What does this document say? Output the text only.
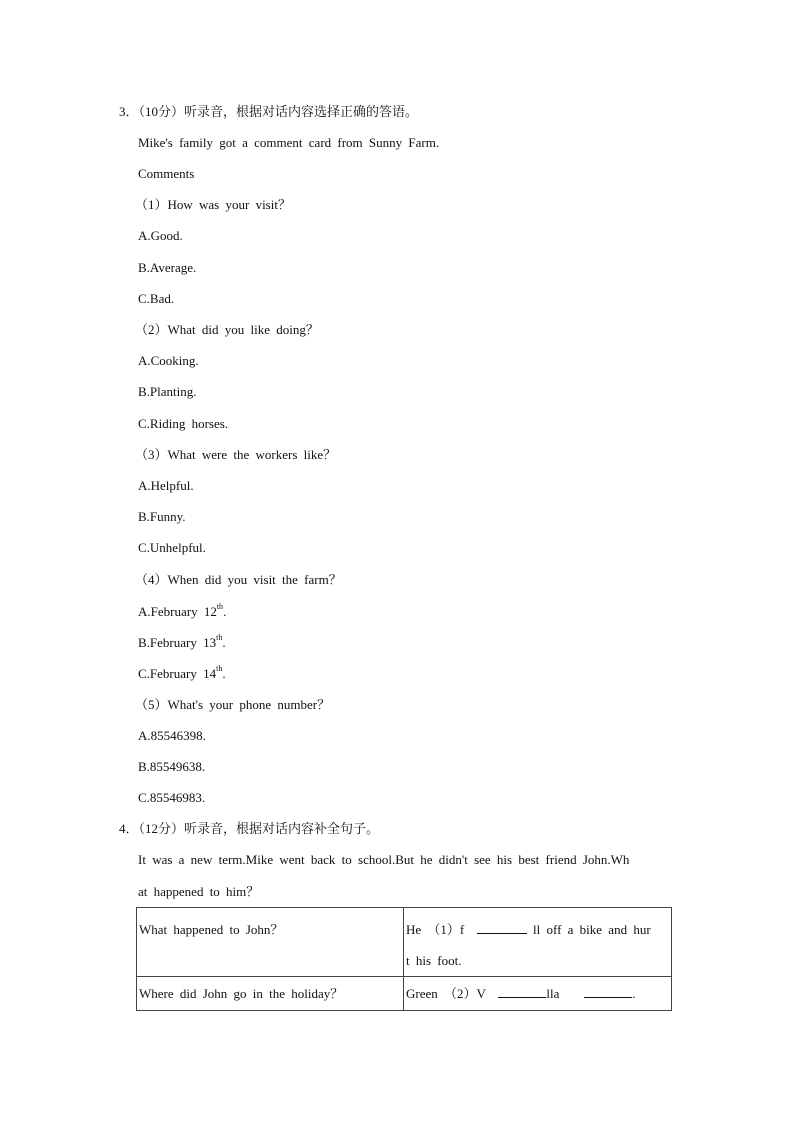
3．（10分）听录音，根据对话内容选择正确的答语。
Mike's family got a comment card from Sunny Farm.
Comments
（1）How was your visit？
A.Good.
B.Average.
C.Bad.
（2）What did you like doing？
A.Cooking.
B.Planting.
C.Riding horses.
（3）What were the workers like？
A.Helpful.
B.Funny.
C.Unhelpful.
（4）When did you visit the farm？
A.February 12th.
B.February 13th.
C.February 14th.
（5）What's your phone number？
A.85546398.
B.85549638.
C.85546983.
4．（12分）听录音，根据对话内容补全句子。
It was a new term.Mike went back to school.But he didn't see his best friend John.Wh
at happened to him？
What happened to John？	He （1）f ll off a bike and hur
t his foot.
Where did John go in the holiday？	Green （2）V lla .
